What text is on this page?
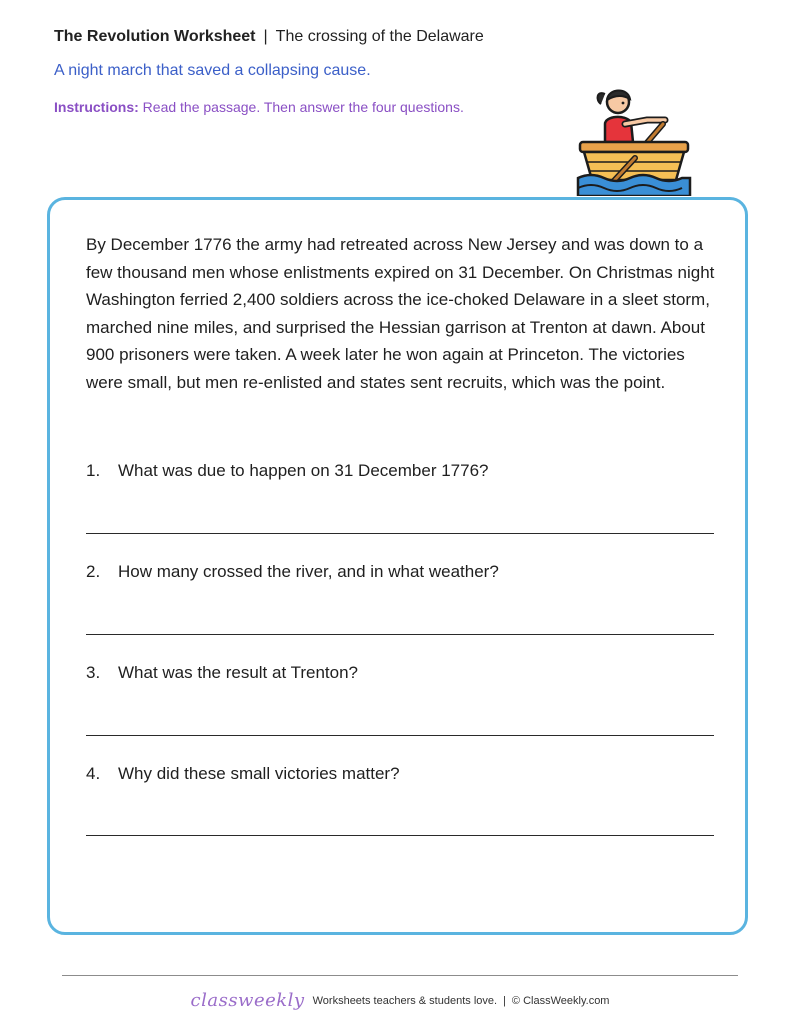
The Revolution Worksheet | The crossing of the Delaware
A night march that saved a collapsing cause.
Instructions: Read the passage. Then answer the four questions.

By December 1776 the army had retreated across New Jersey and was down to a few thousand men whose enlistments expired on 31 December. On Christmas night Washington ferried 2,400 soldiers across the ice-choked Delaware in a sleet storm, marched nine miles, and surprised the Hessian garrison at Trenton at dawn. About 900 prisoners were taken. A week later he won again at Princeton. The victories were small, but men re-enlisted and states sent recruits, which was the point.

1. What was due to happen on 31 December 1776?
2. How many crossed the river, and in what weather?
3. What was the result at Trenton?
4. Why did these small victories matter?
classweekly Worksheets teachers & students love. | © ClassWeekly.com
